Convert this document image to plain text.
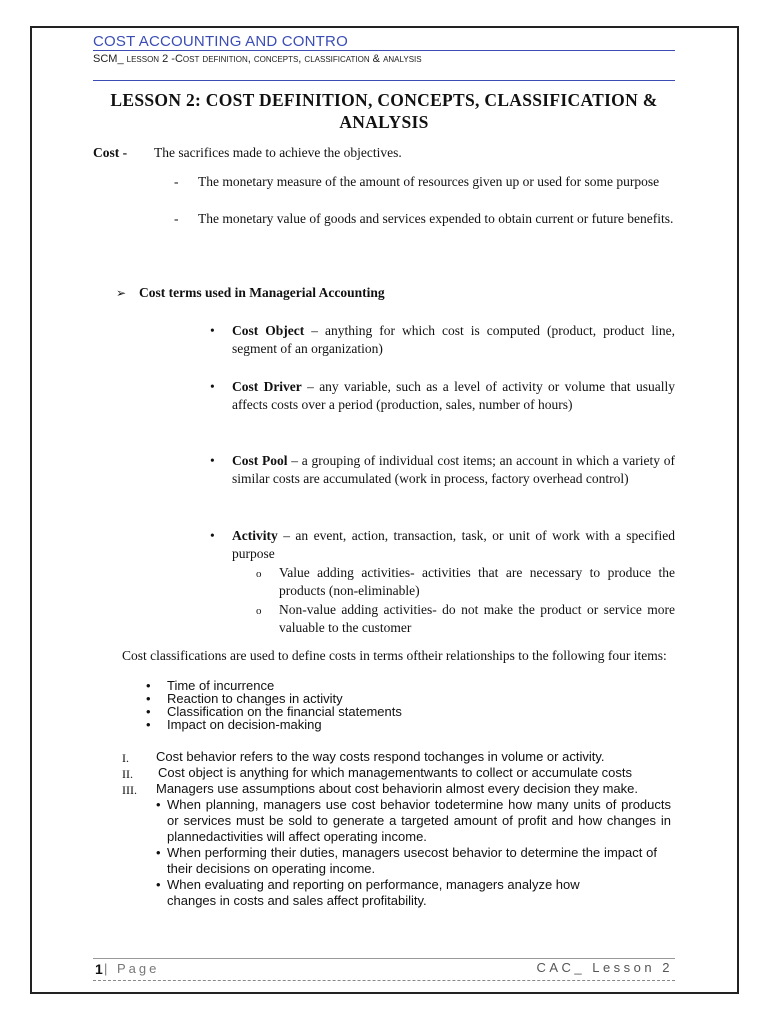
COST ACCOUNTING AND CONTRO
SCM_ lesson 2 -Cost definition, concepts, classification & analysis
LESSON 2: COST DEFINITION, CONCEPTS, CLASSIFICATION & ANALYSIS
Cost - The sacrifices made to achieve the objectives.
- The monetary measure of the amount of resources given up or used for some purpose
- The monetary value of goods and services expended to obtain current or future benefits.
➢ Cost terms used in Managerial Accounting
• Cost Object – anything for which cost is computed (product, product line, segment of an organization)
• Cost Driver – any variable, such as a level of activity or volume that usually affects costs over a period (production, sales, number of hours)
• Cost Pool – a grouping of individual cost items; an account in which a variety of similar costs are accumulated (work in process, factory overhead control)
• Activity – an event, action, transaction, task, or unit of work with a specified purpose
o Value adding activities- activities that are necessary to produce the products (non-eliminable)
o Non-value adding activities- do not make the product or service more valuable to the customer
Cost classifications are used to define costs in terms oftheir relationships to the following four items:
• Time of incurrence
• Reaction to changes in activity
• Classification on the financial statements
• Impact on decision-making
I. Cost behavior refers to the way costs respond tochanges in volume or activity.
II. Cost object is anything for which managementwants to collect or accumulate costs
III. Managers use assumptions about cost behaviorin almost every decision they make.
• When planning, managers use cost behavior todetermine how many units of products or services must be sold to generate a targeted amount of profit and how changes in plannedactivities will affect operating income.
• When performing their duties, managers usecost behavior to determine the impact of their decisions on operating income.
• When evaluating and reporting on performance, managers analyze how changes in costs and sales affect profitability.
1 | Page	CAC_ Lesson 2
